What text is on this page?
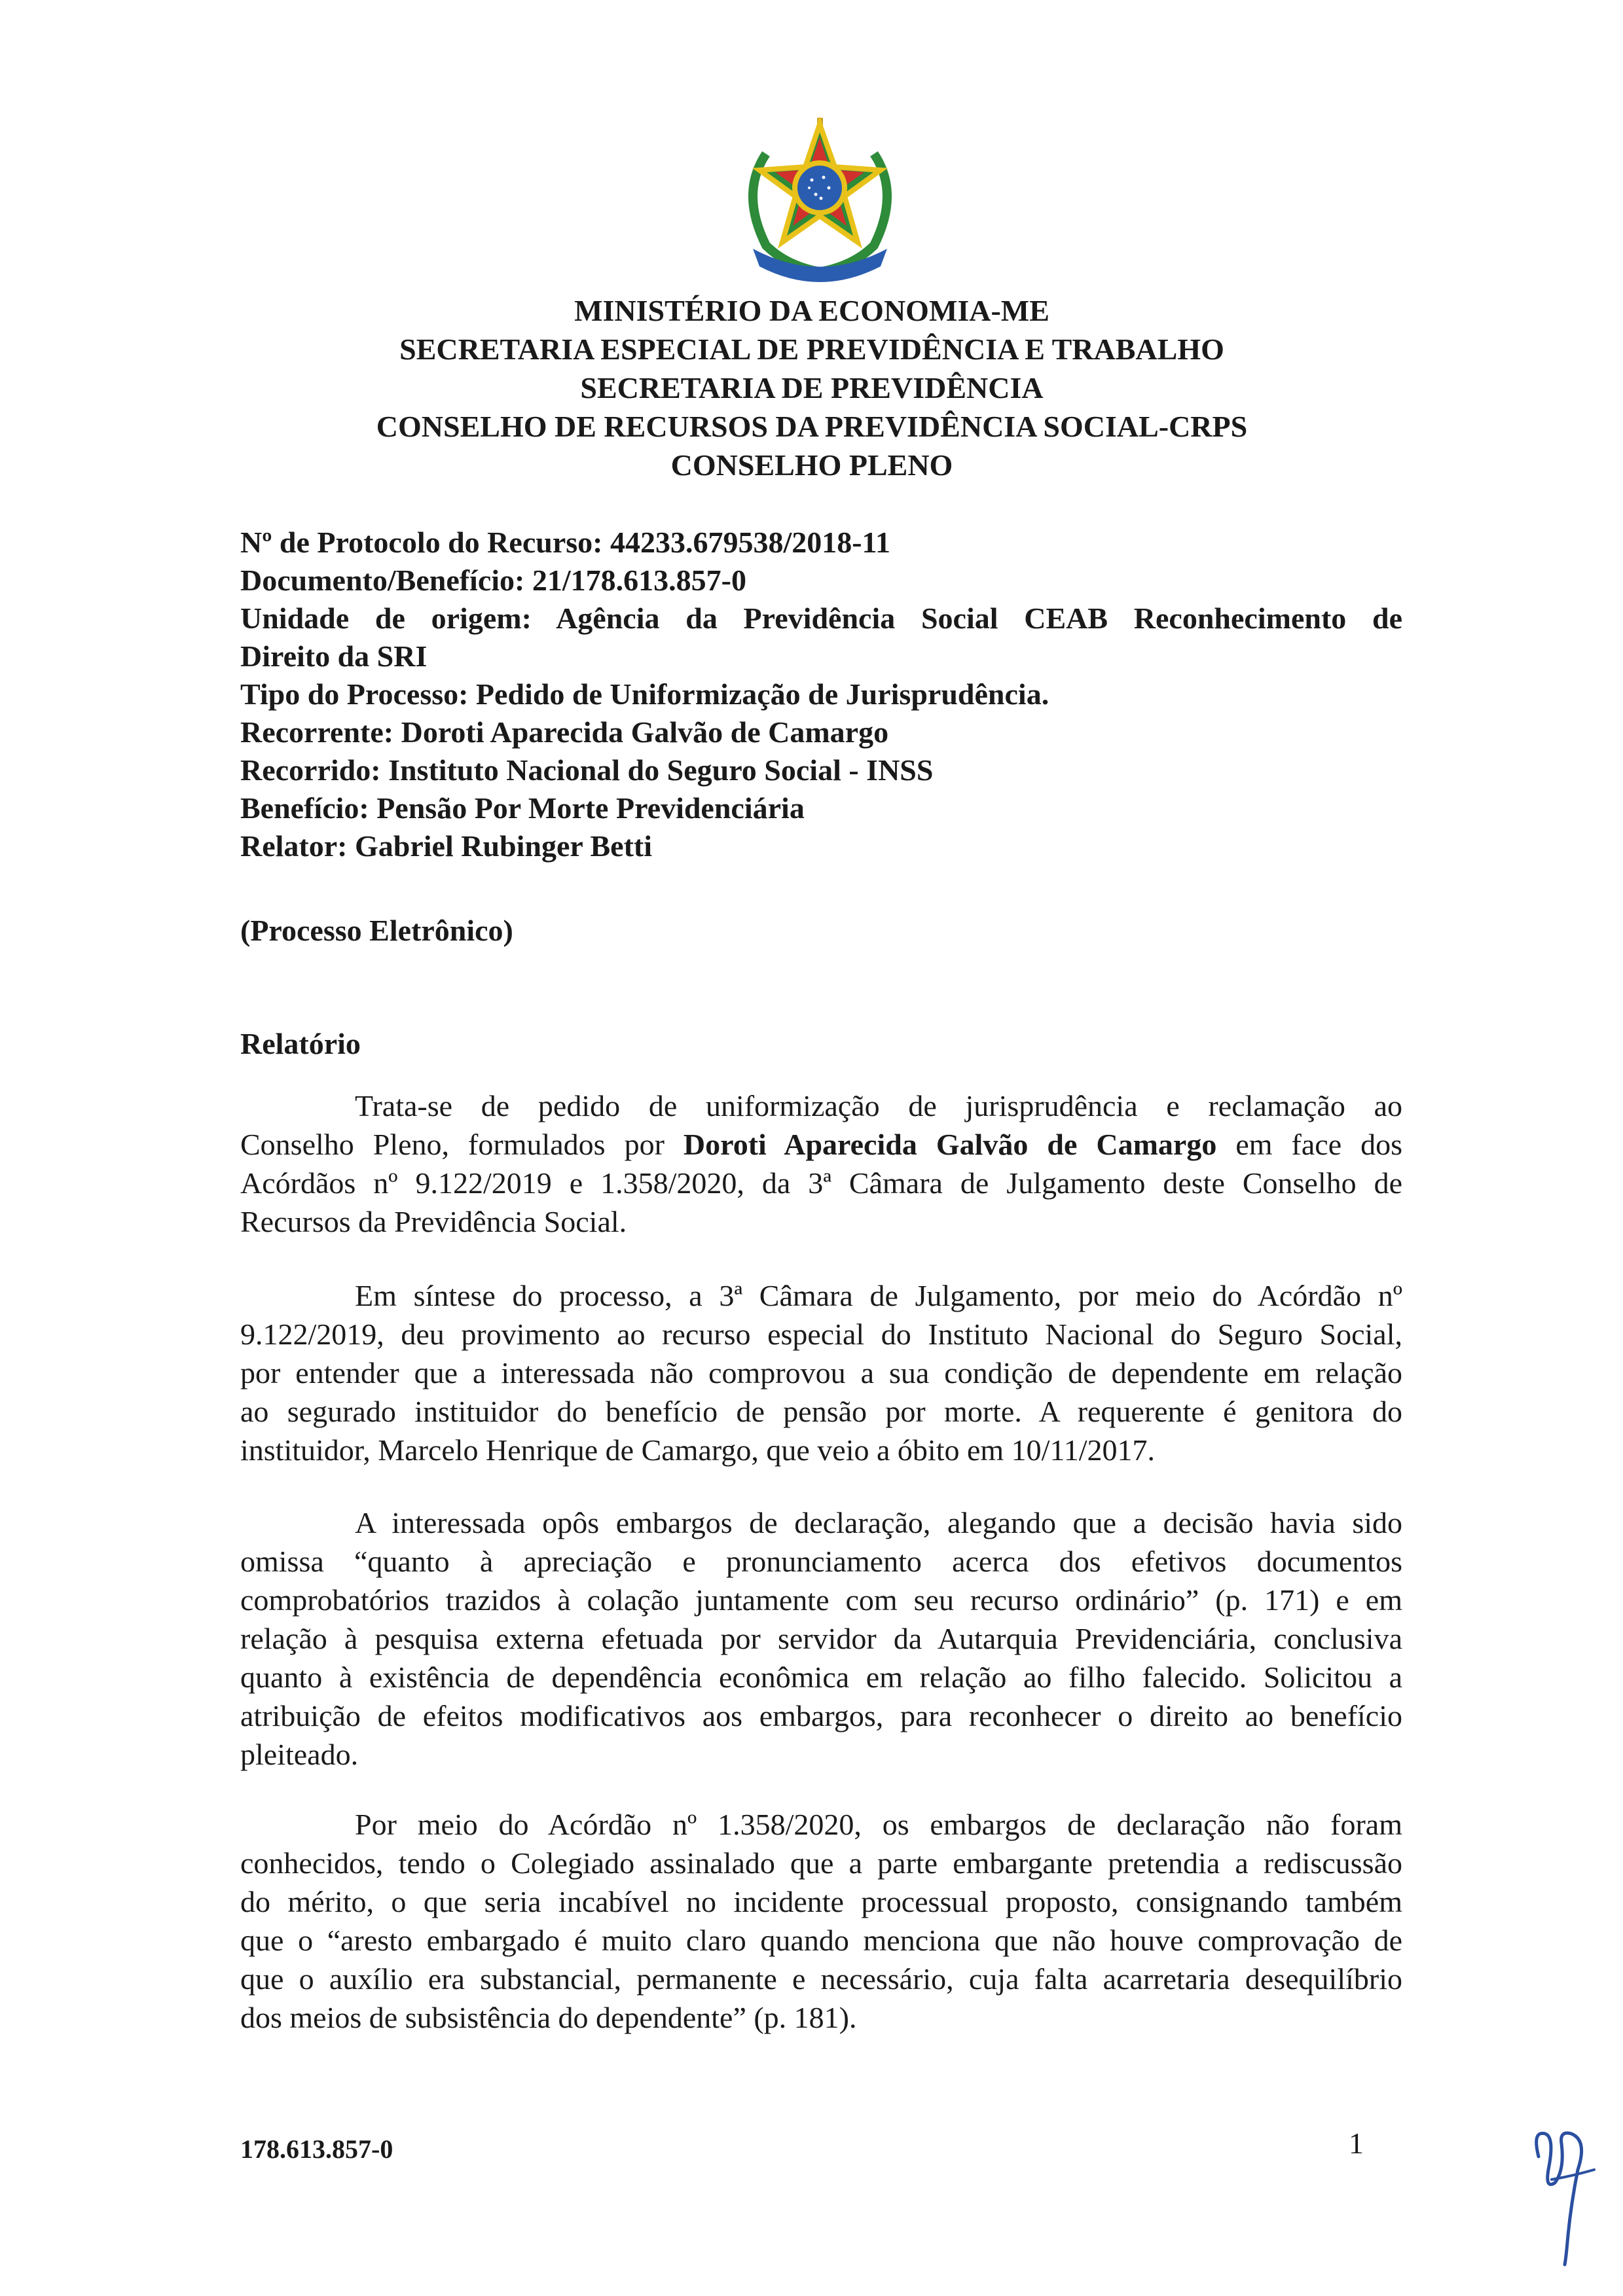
MINISTÉRIO DA ECONOMIA-ME
SECRETARIA ESPECIAL DE PREVIDÊNCIA E TRABALHO
SECRETARIA DE PREVIDÊNCIA
CONSELHO DE RECURSOS DA PREVIDÊNCIA SOCIAL-CRPS
CONSELHO PLENO
Nº de Protocolo do Recurso: 44233.679538/2018-11
Documento/Benefício: 21/178.613.857-0
Unidade de origem: Agência da Previdência Social CEAB Reconhecimento de
Direito da SRI
Tipo do Processo: Pedido de Uniformização de Jurisprudência.
Recorrente: Doroti Aparecida Galvão de Camargo
Recorrido: Instituto Nacional do Seguro Social - INSS
Benefício: Pensão Por Morte Previdenciária
Relator: Gabriel Rubinger Betti
(Processo Eletrônico)
Relatório
Trata-se de pedido de uniformização de jurisprudência e reclamação ao
Conselho Pleno, formulados por Doroti Aparecida Galvão de Camargo em face dos
Acórdãos nº 9.122/2019 e 1.358/2020, da 3ª Câmara de Julgamento deste Conselho de
Recursos da Previdência Social.
Em síntese do processo, a 3ª Câmara de Julgamento, por meio do Acórdão nº
9.122/2019, deu provimento ao recurso especial do Instituto Nacional do Seguro Social,
por entender que a interessada não comprovou a sua condição de dependente em relação
ao segurado instituidor do benefício de pensão por morte. A requerente é genitora do
instituidor, Marcelo Henrique de Camargo, que veio a óbito em 10/11/2017.
A interessada opôs embargos de declaração, alegando que a decisão havia sido
omissa “quanto à apreciação e pronunciamento acerca dos efetivos documentos
comprobatórios trazidos à colação juntamente com seu recurso ordinário” (p. 171) e em
relação à pesquisa externa efetuada por servidor da Autarquia Previdenciária, conclusiva
quanto à existência de dependência econômica em relação ao filho falecido. Solicitou a
atribuição de efeitos modificativos aos embargos, para reconhecer o direito ao benefício
pleiteado.
Por meio do Acórdão nº 1.358/2020, os embargos de declaração não foram
conhecidos, tendo o Colegiado assinalado que a parte embargante pretendia a rediscussão
do mérito, o que seria incabível no incidente processual proposto, consignando também
que o “aresto embargado é muito claro quando menciona que não houve comprovação de
que o auxílio era substancial, permanente e necessário, cuja falta acarretaria desequilíbrio
dos meios de subsistência do dependente” (p. 181).
178.613.857-0	1
